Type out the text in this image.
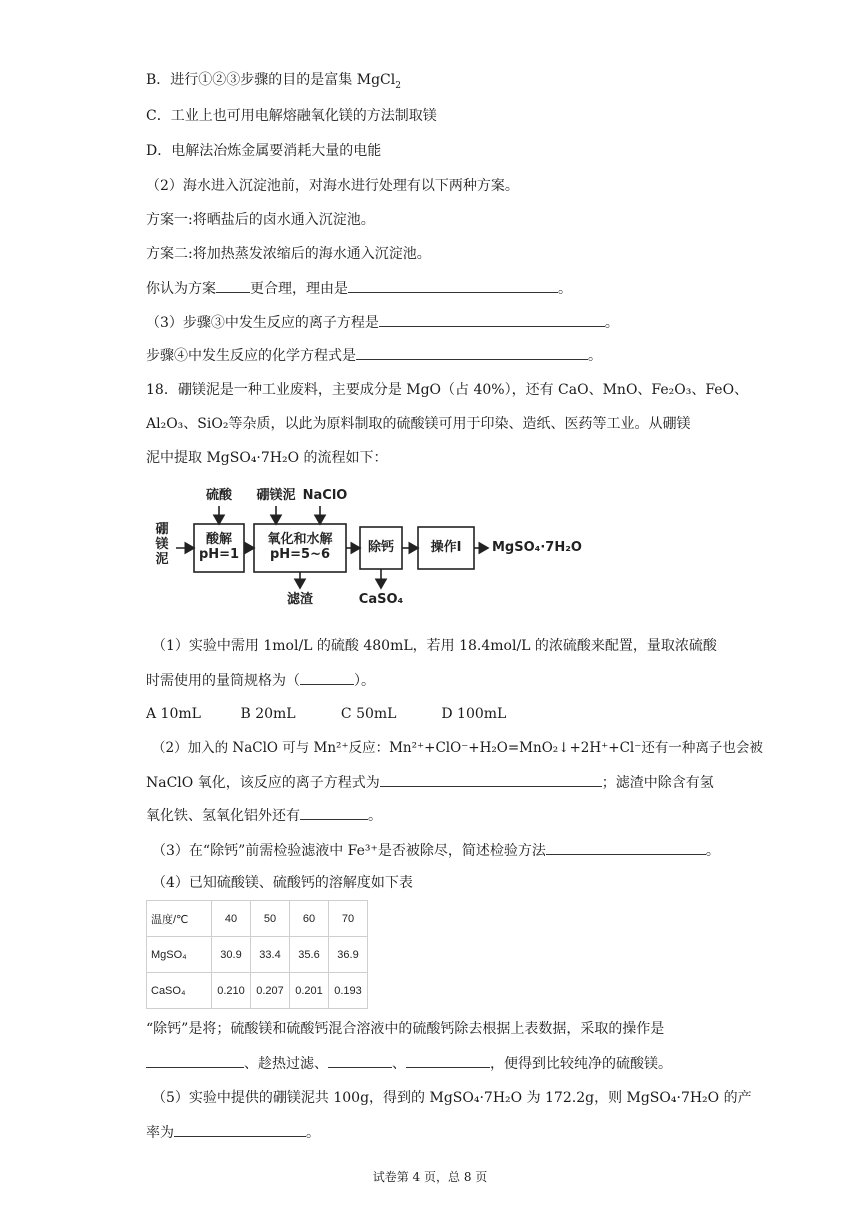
B．进行①②③步骤的目的是富集 MgCl$_2$
C．工业上也可用电解熔融氧化镁的方法制取镁
D．电解法冶炼金属要消耗大量的电能
（2）海水进入沉淀池前，对海水进行处理有以下两种方案。
方案一:将晒盐后的卤水通入沉淀池。
方案二:将加热蒸发浓缩后的海水通入沉淀池。
你认为方案 更合理，理由是	。
（3）步骤③中发生反应的离子方程是	。
步骤④中发生反应的化学方程式是	。
18．硼镁泥是一种工业废料，主要成分是 MgO（占 40%），还有 CaO、MnO、Fe₂O₃、FeO、
Al₂O₃、SiO₂等杂质，以此为原料制取的硫酸镁可用于印染、造纸、医药等工业。从硼镁
泥中提取 MgSO₄·7H₂O 的流程如下：
硼
镁
泥
硫酸	硼镁泥 NaClO
酸解
pH=1
氧化和水解
pH=5~6	除钙	操作Ⅰ	MgSO₄·7H₂O
滤渣	CaSO₄
（1）实验中需用 1mol/L 的硫酸 480mL，若用 18.4mol/L 的浓硫酸来配置，量取浓硫酸
时需使用的量筒规格为（	）。
A 10mL	B 20mL	C 50mL	D 100mL
（2）加入的 NaClO 可与 Mn²⁺反应：Mn²⁺+ClO⁻+H₂O=MnO₂↓+2H⁺+Cl⁻还有一种离子也会被
NaClO 氧化，该反应的离子方程式为	；滤渣中除含有氢
氧化铁、氢氧化铝外还有	。
（3）在“除钙”前需检验滤液中 Fe³⁺是否被除尽，简述检验方法	。
（4）已知硫酸镁、硫酸钙的溶解度如下表
温度/℃	40	50	60	70
MgSO₄	30.9	33.4	35.6	36.9
CaSO₄	0.210	0.207	0.201	0.193
“除钙”是将；硫酸镁和硫酸钙混合溶液中的硫酸钙除去根据上表数据，采取的操作是
、趁热过滤、	、	，便得到比较纯净的硫酸镁。
（5）实验中提供的硼镁泥共 100g，得到的 MgSO₄·7H₂O 为 172.2g，则 MgSO₄·7H₂O 的产
率为	。
试卷第 4 页，总 8 页
